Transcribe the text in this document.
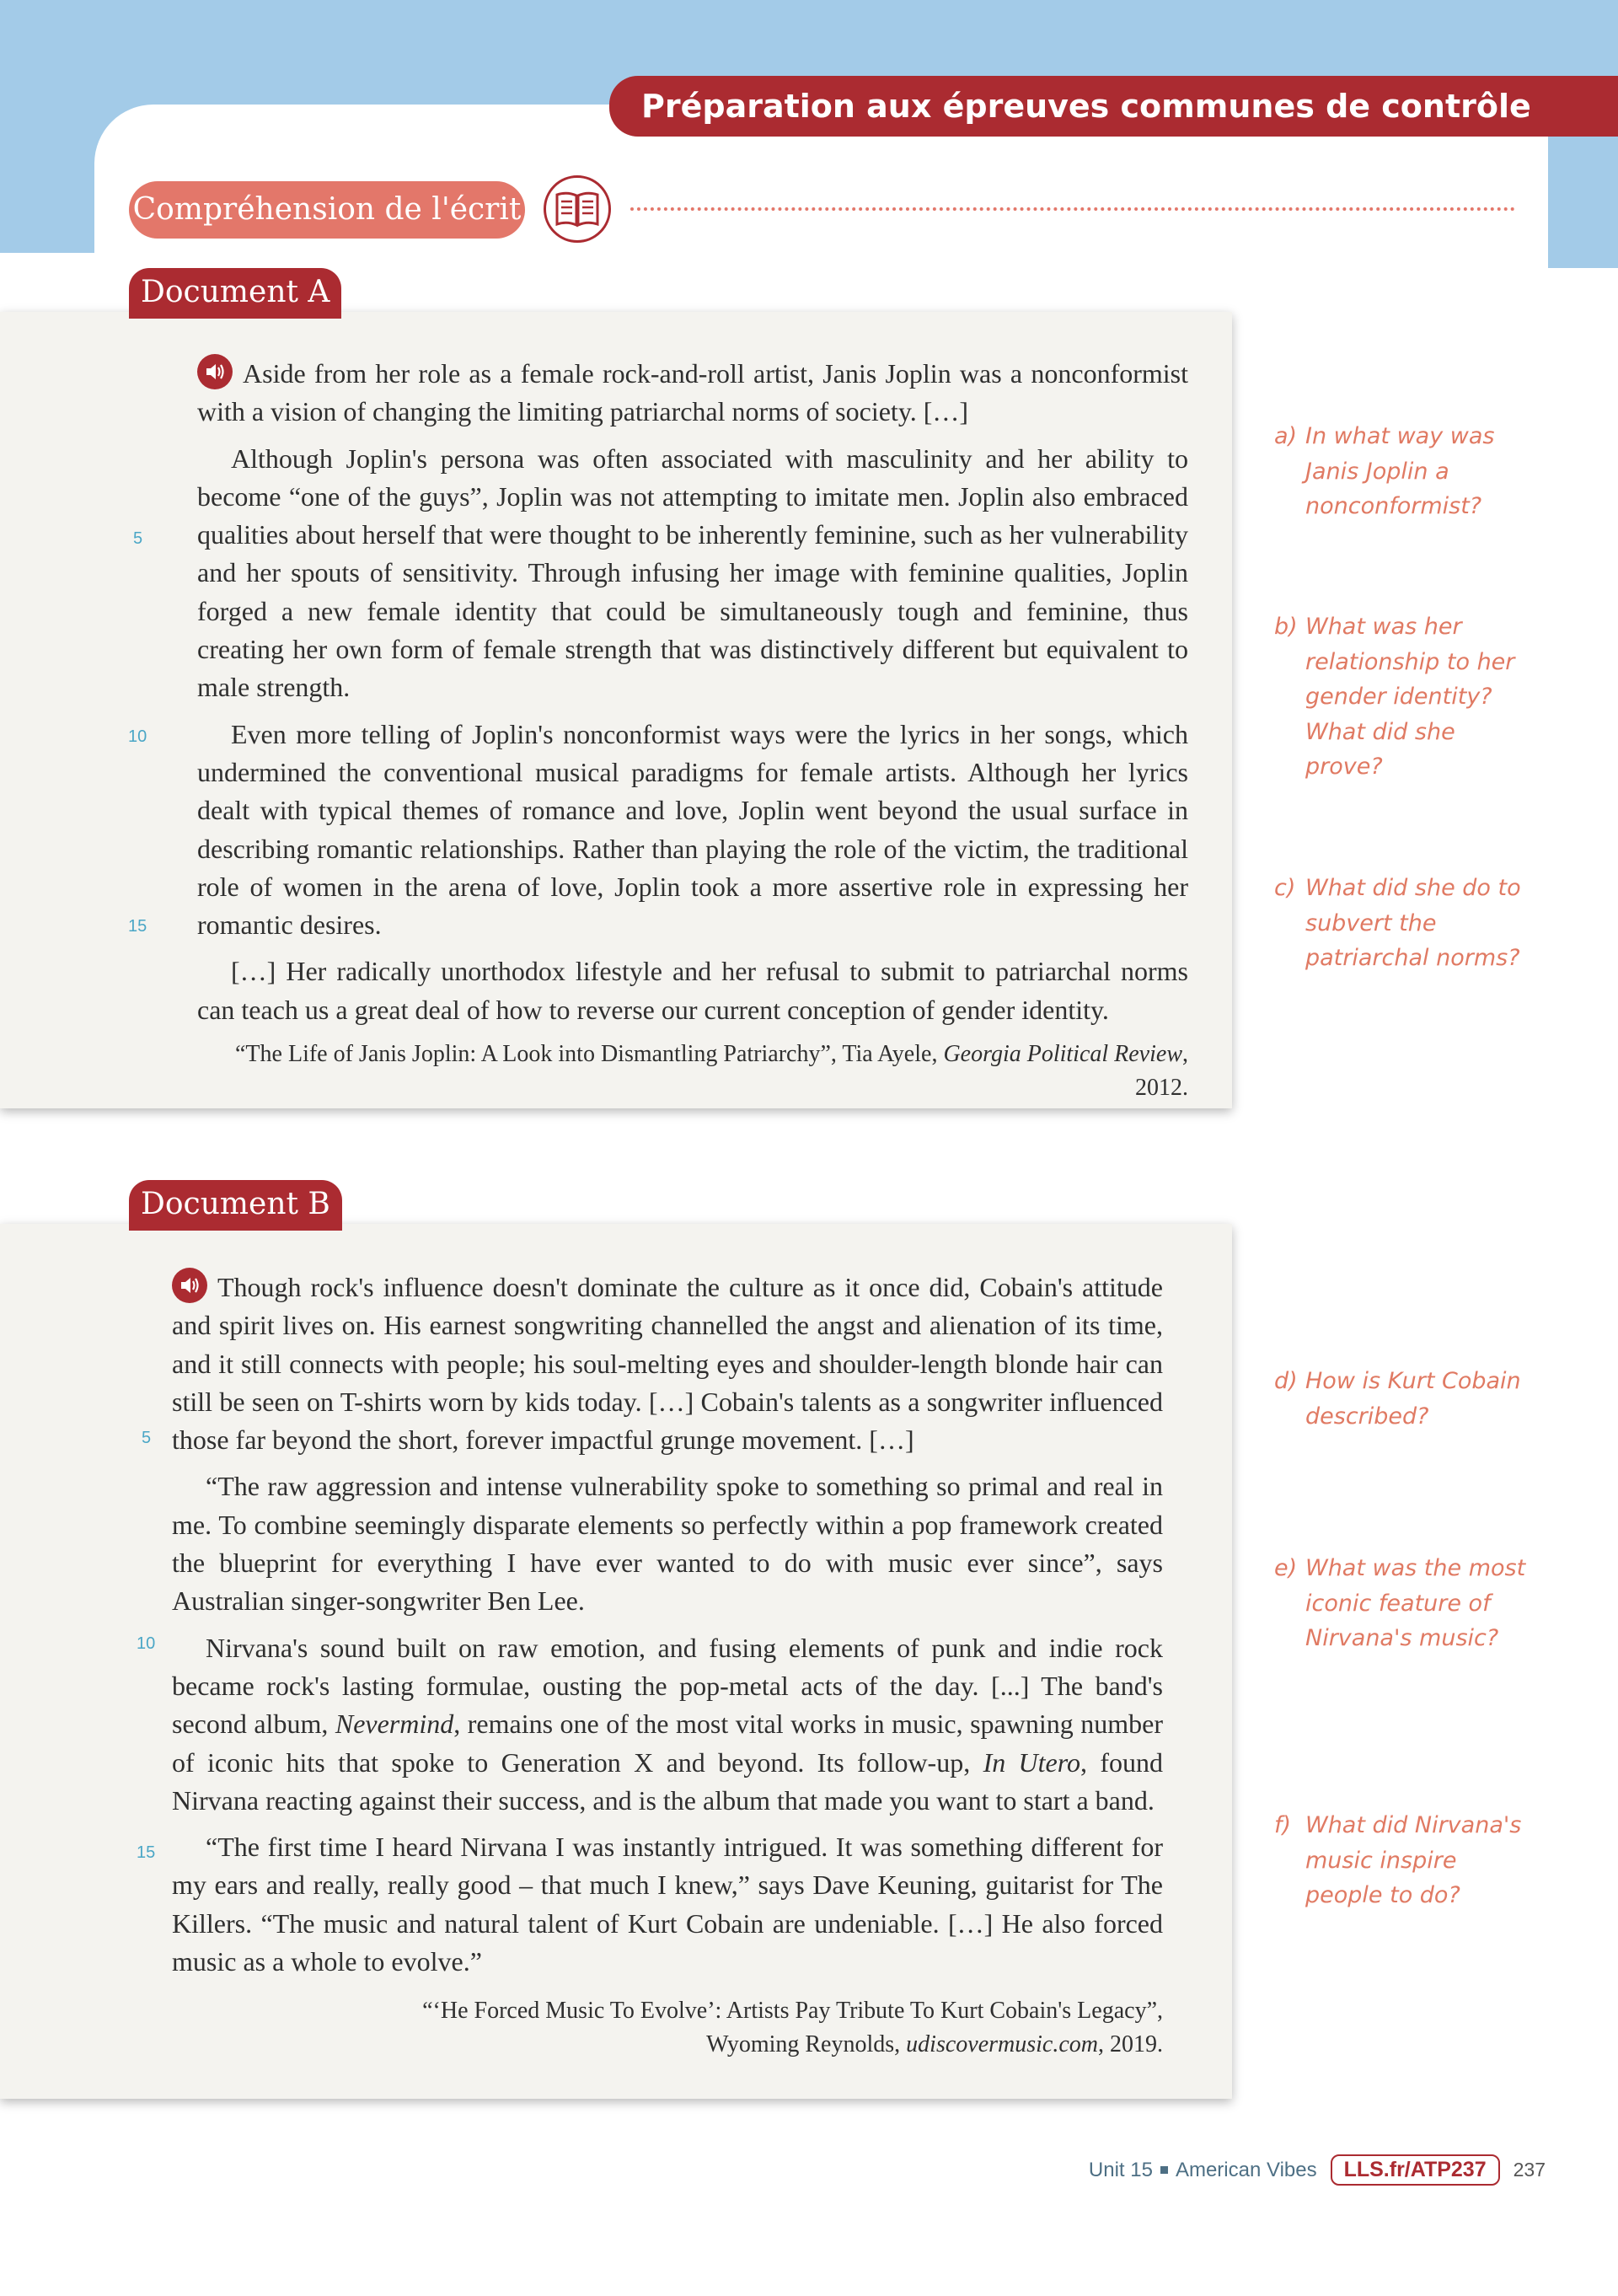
Préparation aux épreuves communes de contrôle continu
Compréhension de l'écrit
Document A
5
10
15

Aside from her role as a female rock-and-roll artist, Janis Joplin was a nonconformist with a vision of changing the limiting patriarchal norms of society. […]

Although Joplin's persona was often associated with masculinity and her ability to become “one of the guys”, Joplin was not attempting to imitate men. Joplin also embraced qualities about herself that were thought to be inherently feminine, such as her vulnerability and her spouts of sensitivity. Through infusing her image with feminine qualities, Joplin forged a new female identity that could be simultaneously tough and feminine, thus creating her own form of female strength that was distinctively different but equivalent to male strength.

Even more telling of Joplin's nonconformist ways were the lyrics in her songs, which undermined the conventional musical paradigms for female artists. Although her lyrics dealt with typical themes of romance and love, Joplin went beyond the usual surface in describing romantic relationships. Rather than playing the role of the victim, the traditional role of women in the arena of love, Joplin took a more assertive role in expressing her romantic desires.

[…] Her radically unorthodox lifestyle and her refusal to submit to patriarchal norms can teach us a great deal of how to reverse our current conception of gender identity.

“The Life of Janis Joplin: A Look into Dismantling Patriarchy”, Tia Ayele, Georgia Political Review, 2012.
a) In what way was Janis Joplin a nonconformist?
b) What was her relationship to her gender identity? What did she prove?
c) What did she do to subvert the patriarchal norms?
Document B
5
10
15

Though rock's influence doesn't dominate the culture as it once did, Cobain's attitude and spirit lives on. His earnest songwriting channelled the angst and alienation of its time, and it still connects with people; his soul-melting eyes and shoulder-length blonde hair can still be seen on T-shirts worn by kids today. […] Cobain's talents as a songwriter influenced those far beyond the short, forever impactful grunge movement. […]

“The raw aggression and intense vulnerability spoke to something so primal and real in me. To combine seemingly disparate elements so perfectly within a pop framework created the blueprint for everything I have ever wanted to do with music ever since”, says Australian singer-songwriter Ben Lee.

Nirvana's sound built on raw emotion, and fusing elements of punk and indie rock became rock's lasting formulae, ousting the pop-metal acts of the day. [...] The band's second album, Nevermind, remains one of the most vital works in music, spawning number of iconic hits that spoke to Generation X and beyond. Its follow-up, In Utero, found Nirvana reacting against their success, and is the album that made you want to start a band.

“The first time I heard Nirvana I was instantly intrigued. It was something different for my ears and really, really good – that much I knew,” says Dave Keuning, guitarist for The Killers. “The music and natural talent of Kurt Cobain are undeniable. […] He also forced music as a whole to evolve.”

“‘He Forced Music To Evolve’: Artists Pay Tribute To Kurt Cobain's Legacy”,
Wyoming Reynolds, udiscovermusic.com, 2019.
d) How is Kurt Cobain described?
e) What was the most iconic feature of Nirvana's music?
f) What did Nirvana's music inspire people to do?
Unit 15 American Vibes	LLS.fr/ATP237	237
